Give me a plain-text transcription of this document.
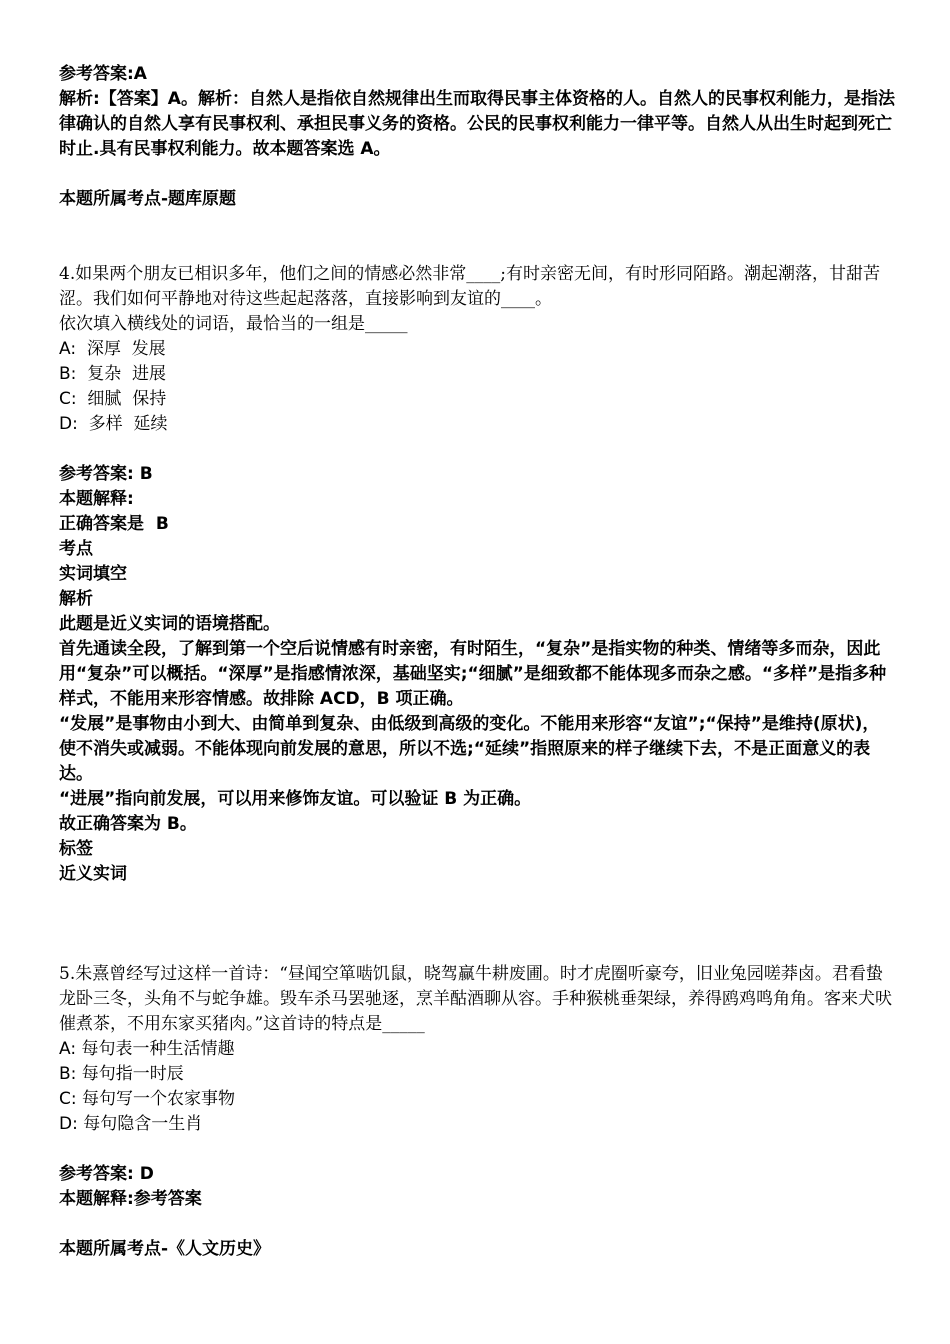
参考答案:A
解析:【答案】A。解析：自然人是指依自然规律出生而取得民事主体资格的人。自然人的民事权利能力，是指法律确认的自然人享有民事权利、承担民事义务的资格。公民的民事权利能力一律平等。自然人从出生时起到死亡时止.具有民事权利能力。故本题答案选 A。
本题所属考点-题库原题
4.如果两个朋友已相识多年，他们之间的情感必然非常____;有时亲密无间，有时形同陌路。潮起潮落，甘甜苦涩。我们如何平静地对待这些起起落落，直接影响到友谊的____。
依次填入横线处的词语，最恰当的一组是_____
A: 深厚  发展
B: 复杂  进展
C: 细腻  保持
D: 多样  延续
参考答案: B
本题解释:
正确答案是  B
考点
实词填空
解析
此题是近义实词的语境搭配。
首先通读全段，了解到第一个空后说情感有时亲密，有时陌生，“复杂”是指实物的种类、情绪等多而杂，因此用“复杂”可以概括。“深厚”是指感情浓深，基础坚实;“细腻”是细致都不能体现多而杂之感。“多样”是指多种样式，不能用来形容情感。故排除 ACD，B 项正确。
“发展”是事物由小到大、由简单到复杂、由低级到高级的变化。不能用来形容“友谊”;“保持”是维持(原状)，使不消失或减弱。不能体现向前发展的意思，所以不选;“延续”指照原来的样子继续下去，不是正面意义的表达。
“进展”指向前发展，可以用来修饰友谊。可以验证 B 为正确。
故正确答案为 B。
标签
近义实词
5.朱熹曾经写过这样一首诗：“昼闻空箪啮饥鼠，晓驾赢牛耕废圃。时才虎圈听豪夸，旧业兔园嗟莽卤。君看蛰龙卧三冬，头角不与蛇争雄。毁车杀马罢驰逐，烹羊酤酒聊从容。手种猴桃垂架绿，养得鸥鸡鸣角角。客来犬吠催煮茶，不用东家买猪肉。”这首诗的特点是_____
A: 每句表一种生活情趣
B: 每句指一时辰
C: 每句写一个农家事物
D: 每句隐含一生肖
参考答案: D
本题解释:参考答案
本题所属考点-《人文历史》
